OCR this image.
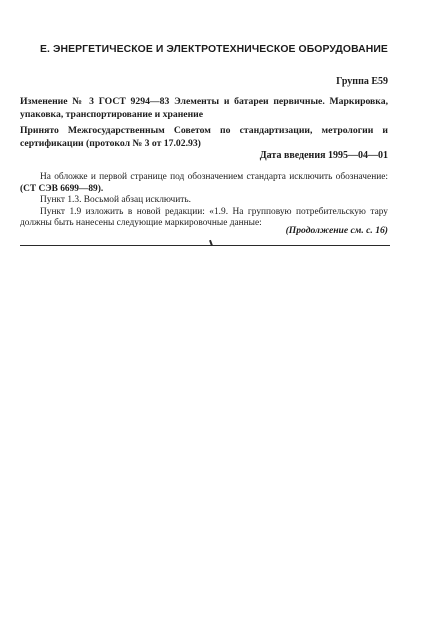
Е. ЭНЕРГЕТИЧЕСКОЕ И ЭЛЕКТРОТЕХНИЧЕСКОЕ ОБОРУДОВАНИЕ
Группа Е59
Изменение № 3 ГОСТ 9294—83 Элементы и батареи первичные. Маркировка, упаковка, транспортирование и хранение
Принято Межгосударственным Советом по стандартизации, метрологии и сертификации (протокол № 3 от 17.02.93)
Дата введения 1995—04—01

На обложке и первой странице под обозначением стандарта исключить обозначение: (СТ СЭВ 6699—89).

Пункт 1.3. Восьмой абзац исключить.

Пункт 1.9 изложить в новой редакции: «1.9. На групповую потребительскую тару должны быть нанесены следующие маркировочные данные:

(Продолжение см. с. 16)
